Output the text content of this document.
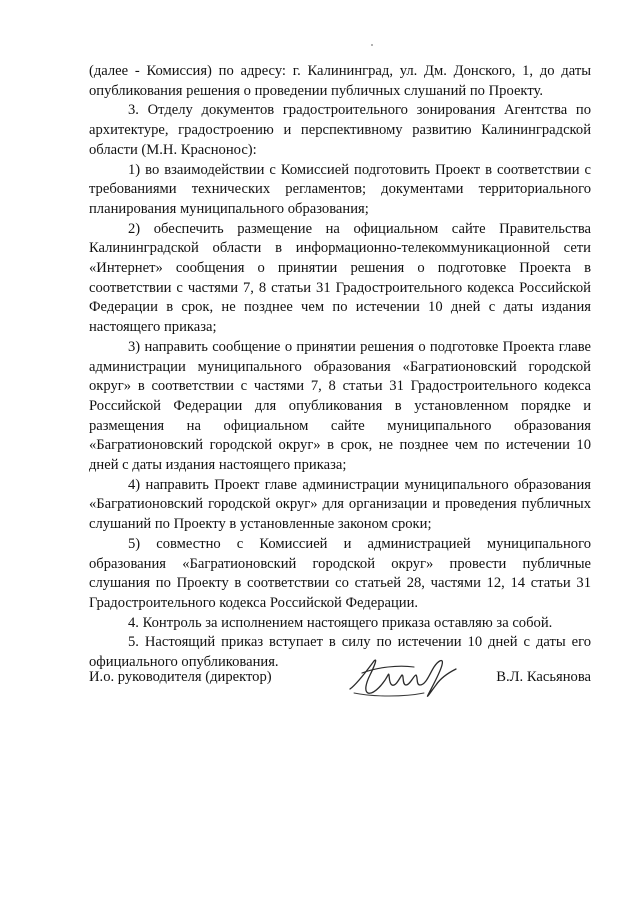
(далее - Комиссия) по адресу: г. Калининград, ул. Дм. Донского, 1, до даты опубликования решения о проведении публичных слушаний по Проекту.

3. Отделу документов градостроительного зонирования Агентства по архитектуре, градостроению и перспективному развитию Калининградской области (М.Н. Краснонос):

1) во взаимодействии с Комиссией подготовить Проект в соответствии с требованиями технических регламентов; документами территориального планирования муниципального образования;

2) обеспечить размещение на официальном сайте Правительства Калининградской области в информационно-телекоммуникационной сети «Интернет» сообщения о принятии решения о подготовке Проекта в соответствии с частями 7, 8 статьи 31 Градостроительного кодекса Российской Федерации в срок, не позднее чем по истечении 10 дней с даты издания настоящего приказа;

3) направить сообщение о принятии решения о подготовке Проекта главе администрации муниципального образования «Багратионовский городской округ» в соответствии с частями 7, 8 статьи 31 Градостроительного кодекса Российской Федерации для опубликования в установленном порядке и размещения на официальном сайте муниципального образования «Багратионовский городской округ» в срок, не позднее чем по истечении 10 дней с даты издания настоящего приказа;

4) направить Проект главе администрации муниципального образования «Багратионовский городской округ» для организации и проведения публичных слушаний по Проекту в установленные законом сроки;

5) совместно с Комиссией и администрацией муниципального образования «Багратионовский городской округ» провести публичные слушания по Проекту в соответствии со статьей 28, частями 12, 14 статьи 31 Градостроительного кодекса Российской Федерации.

4. Контроль за исполнением настоящего приказа оставляю за собой.

5. Настоящий приказ вступает в силу по истечении 10 дней с даты его официального опубликования.

И.о. руководителя (директор)	В.Л. Касьянова
